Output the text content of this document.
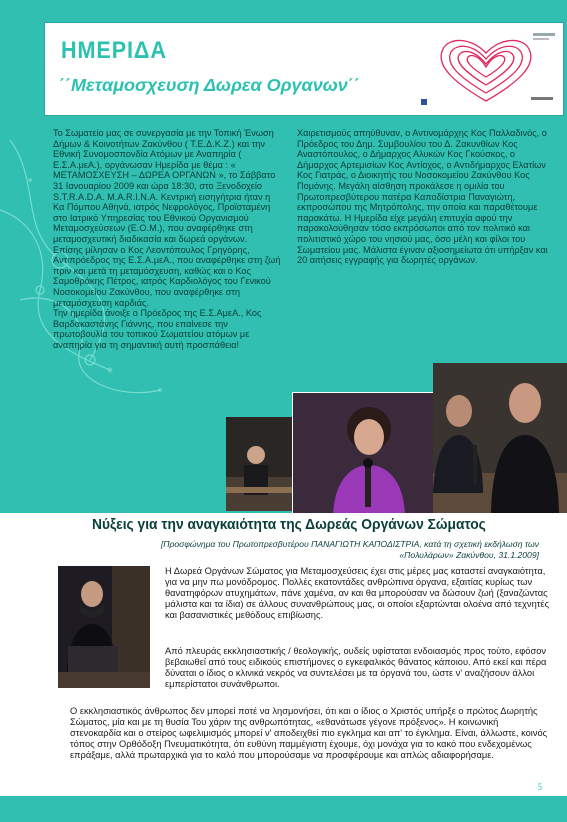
ΗΜΕΡΙΔΑ
΄΄Μεταμοσχευση Δωρεα Οργανων΄΄

Το Σωματείο μας σε συνεργασία με την Τοπική Ένωση Δήμων & Κοινοτήτων Ζακύνθου ( Τ.Ε.Δ.Κ.Ζ.) και την Εθνική Συνομοσπονδία Ατόμων με Αναπηρία ( Ε.Σ.Α.μεΑ.), οργάνωσαν Ημερίδα με θέμα : « ΜΕΤΑΜΟΣΧΕΥΣΗ – ΔΩΡΕΑ ΟΡΓΑΝΩΝ », το Σάββατο 31 Ιανουαρίου 2009 και ώρα 18:30, στο Ξενοδοχείο S.T.R.A.D.A. M.A.R.I.N.A. Κεντρική εισηγήτρια ήταν η Κα Πόμπου Αθηνά, ιατρός Νεφρολόγος, Προϊσταμένη στο Ιατρικό Υπηρεσίας του Εθνικού Οργανισμού Μεταμοσχεύσεων (Ε.Ο.Μ.), που αναφέρθηκε στη μεταμοσχευτική διαδικασία και δωρεά οργάνων.

Επίσης μίλησαν ο Κος Λεοντόπουλος Γρηγόρης, Αντιπρόεδρος της Ε.Σ.Α.μεΑ., που αναφέρθηκε στη ζωή πριν και μετά τη μεταμόσχευση, καθώς και ο Κος Σαμοθράκης Πέτρος, ιατρός Καρδιολόγος του Γενικού Νοσοκομείου Ζακύνθου, που αναφέρθηκε στη μεταμόσχευση καρδιάς.

Την ημερίδα άνοιξε ο Πρόεδρος της Ε.Σ.ΑμεΑ., Κος Βαρδακαστάνης Γιάννης, που επαίνεσε την πρωτοβουλία του τοπικού Σωματείου ατόμων με αναπηρία για τη σημαντική αυτή προσπάθεια!

Χαιρετισμούς απηύθυναν, ο Αντινομάρχης Κος Παλλαδινός, ο Πρόεδρος του Δημ. Συμβουλίου του Δ. Ζακυνθίων Κος Αναστόπουλος, ο Δήμαρχος Αλυκών Κος Γκούσκος, ο Δήμαρχος Αρτεμισίων Κος Αντίοχος, ο Αντιδήμαρχος Ελατίων Κος Γιατράς, ο Διοικητής του Νοσοκομείου Ζακύνθου Κος Πομόνης. Μεγάλη αίσθηση προκάλεσε η ομιλία του Πρωτοπρεσβύτερου πατέρα Καποδίστρια Παναγιώτη, εκπροσώπου της Μητρόπολης, την οποία και παραθέτουμε παρακάτω. Η Ημερίδα είχε μεγάλη επιτυχία αφού την παρακολούθησαν τόσο εκπρόσωποι από τον πολιτικό και πολιτιστικό χώρο του νησιού μας, όσο μέλη και φίλοι του Σωματείου μας. Μάλιστα έγιναν αξιοσημείωτα ότι υπήρξαν και 20 αιτήσεις εγγραφής για δωρητές οργάνων.

Νύξεις για την αναγκαιότητα της Δωρεάς Οργάνων Σώματος
[Προσφώνημα του Πρωτοπρεσβυτέρου ΠΑΝΑΓΙΩΤΗ ΚΑΠΟΔΙΣΤΡΙΑ, κατά τη σχετική εκδήλωση των «Πολυλάρων» Ζακύνθου, 31.1.2009]

Η Δωρεά Οργάνων Σώματος για Μεταμοσχεύσεις έχει στις μέρες μας καταστεί αναγκαιότητα, για να μην πω μονόδρομος. Πολλές εκατοντάδες ανθρώπινα όργανα, εξαιτίας κυρίως των θανατηφόρων ατυχημάτων, πάνε χαμένα, αν και θα μπορούσαν να δώσουν ζωή (ξαναζώντας μάλιστα και τα ίδια) σε άλλους συνανθρώπους μας, οι οποίοι εξαρτώνται ολοένα από τεχνητές και βασανιστικές μεθόδους επιβίωσης.

Από πλευράς εκκλησιαστικής / θεολογικής, ουδείς υφίσταται ενδοιασμός προς τούτο, εφόσον βεβαιωθεί από τους ειδικούς επιστήμονες ο εγκεφαλικός θάνατος κάποιου. Από εκεί και πέρα δύναται ο ίδιος ο κλινικά νεκρός να συντελέσει με τα όργανά του, ώστε ν' αναζήσουν άλλοι εμπερίστατοι συνάνθρωποι.

Ο εκκλησιαστικός άνθρωπος δεν μπορεί ποτέ να λησμονήσει, ότι και ο ίδιος ο Χριστός υπήρξε ο πρώτος Δωρητής Σώματος, μία και με τη θυσία Του χάριν της ανθρωπότητας, «εθανάτωσε γέγονε πρόξενος». Η κοινωνική στενοκαρδία και ο στείρος ωφελιμισμός μπορεί ν' αποδειχθεί πιο εγκλημα και απ' το έγκλημα. Είναι, άλλωστε, κοινός τόπος στην Ορθόδοξη Πνευματικότητα, ότι ευθύνη παμμέγιστη έχουμε, όχι μονάχα για το κακό που ενδεχομένως επράξαμε, αλλά πρωταρχικά για το καλό που μπορούσαμε να προσφέρουμε και απλώς αδιαφορήσαμε.

5
